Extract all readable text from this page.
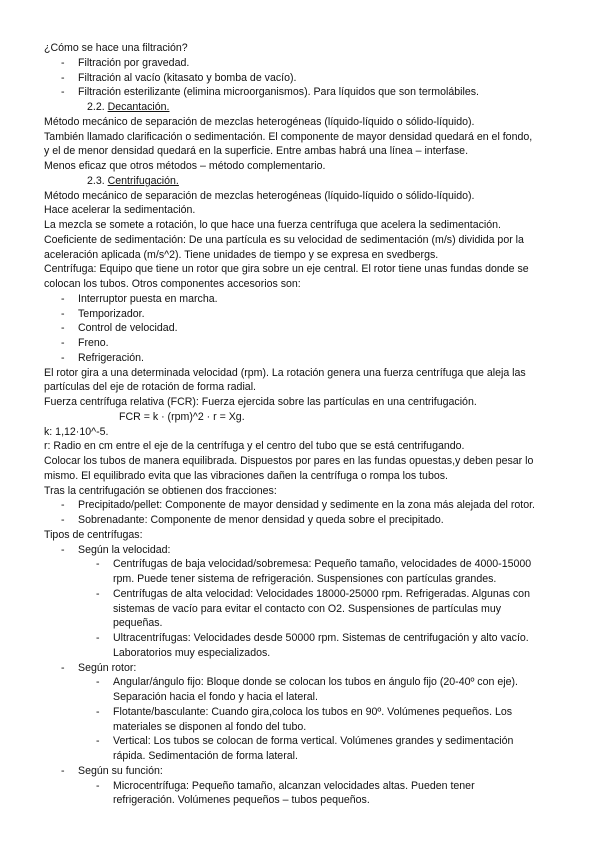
¿Cómo se hace una filtración?
- Filtración por gravedad.
- Filtración al vacío (kitasato y bomba de vacío).
- Filtración esterilizante (elimina microorganismos). Para líquidos que son termolábiles.
2.2. Decantación.
Método mecánico de separación de mezclas heterogéneas (líquido-líquido o sólido-líquido).
También llamado clarificación o sedimentación. El componente de mayor densidad quedará en el fondo,
y el de menor densidad quedará en la superficie. Entre ambas habrá una línea – interfase.
Menos eficaz que otros métodos – método complementario.
2.3. Centrifugación.
Método mecánico de separación de mezclas heterogéneas (líquido-líquido o sólido-líquido).
Hace acelerar la sedimentación.
La mezcla se somete a rotación, lo que hace una fuerza centrífuga que acelera la sedimentación.
Coeficiente de sedimentación: De una partícula es su velocidad de sedimentación (m/s) dividida por la
aceleración aplicada (m/s^2). Tiene unidades de tiempo y se expresa en svedbergs.
Centrífuga: Equipo que tiene un rotor que gira sobre un eje central. El rotor tiene unas fundas donde se
colocan los tubos. Otros componentes accesorios son:
- Interruptor puesta en marcha.
- Temporizador.
- Control de velocidad.
- Freno.
- Refrigeración.
El rotor gira a una determinada velocidad (rpm). La rotación genera una fuerza centrífuga que aleja las
partículas del eje de rotación de forma radial.
Fuerza centrífuga relativa (FCR): Fuerza ejercida sobre las partículas en una centrifugación.
FCR = k · (rpm)^2 · r = Xg.
k: 1,12·10^-5.
r: Radio en cm entre el eje de la centrífuga y el centro del tubo que se está centrifugando.
Colocar los tubos de manera equilibrada. Dispuestos por pares en las fundas opuestas,y deben pesar lo
mismo. El equilibrado evita que las vibraciones dañen la centrífuga o rompa los tubos.
Tras la centrifugación se obtienen dos fracciones:
- Precipitado/pellet: Componente de mayor densidad y sedimente en la zona más alejada del rotor.
- Sobrenadante: Componente de menor densidad y queda sobre el precipitado.
Tipos de centrífugas:
- Según la velocidad:
- Centrífugas de baja velocidad/sobremesa: Pequeño tamaño, velocidades de 4000-15000
rpm. Puede tener sistema de refrigeración. Suspensiones con partículas grandes.
- Centrífugas de alta velocidad: Velocidades 18000-25000 rpm. Refrigeradas. Algunas con
sistemas de vacío para evitar el contacto con O2. Suspensiones de partículas muy
pequeñas.
- Ultracentrífugas: Velocidades desde 50000 rpm. Sistemas de centrifugación y alto vacío.
Laboratorios muy especializados.
- Según rotor:
- Angular/ángulo fijo: Bloque donde se colocan los tubos en ángulo fijo (20-40º con eje).
Separación hacia el fondo y hacia el lateral.
- Flotante/basculante: Cuando gira,coloca los tubos en 90º. Volúmenes pequeños. Los
materiales se disponen al fondo del tubo.
- Vertical: Los tubos se colocan de forma vertical. Volúmenes grandes y sedimentación
rápida. Sedimentación de forma lateral.
- Según su función:
- Microcentrífuga: Pequeño tamaño, alcanzan velocidades altas. Pueden tener
refrigeración. Volúmenes pequeños – tubos pequeños.
